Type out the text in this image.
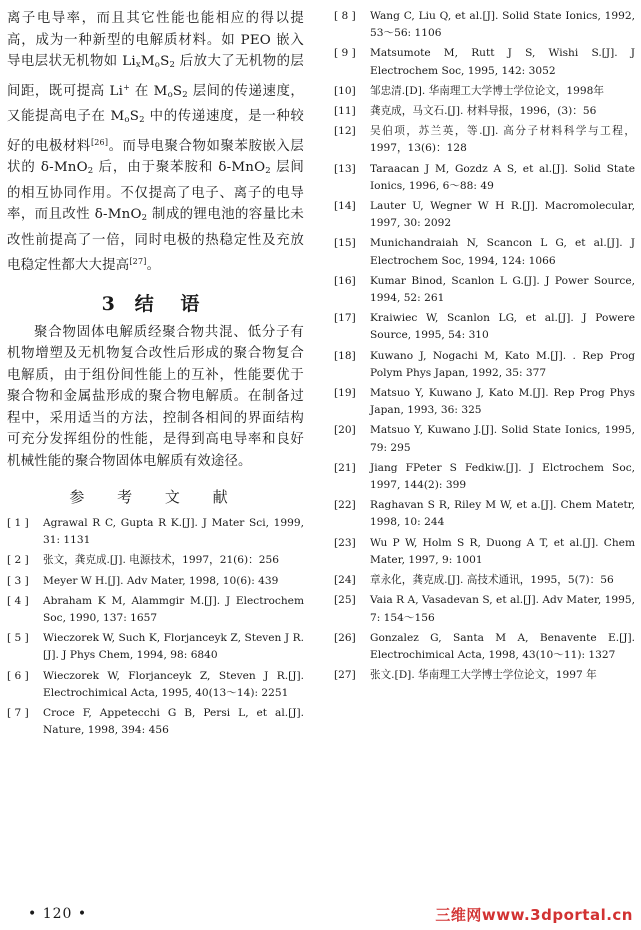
离子电导率，而且其它性能也能相应的得以提高，成为一种新型的电解质材料。如 PEO 嵌入导电层状无机物如 $Li_xM_oS_2$ 后放大了无机物的层间距，既可提高 Li+ 在 $M_oS_2$ 层间的传递速度，又能提高电子在 $M_oS_2$ 中的传递速度，是一种较好的电极材料[26]。而导电聚合物如聚苯胺嵌入层状的 δ-MnO$_2$ 后，由于聚苯胺和 δ-MnO$_2$ 层间的相互协同作用。不仅提高了电子、离子的电导率，而且改性 δ-MnO$_2$ 制成的锂电池的容量比未改性前提高了一倍，同时电极的热稳定性及充放电稳定性都大大提高[27]。

3 结 语

聚合物固体电解质经聚合物共混、低分子有机物增塑及无机物复合改性后形成的聚合物复合电解质，由于组份间性能上的互补，性能要优于聚合物和金属盐形成的聚合物电解质。在制备过程中，采用适当的方法，控制各相间的界面结构可充分发挥组份的性能，是得到高电导率和良好机械性能的聚合物固体电解质有效途径。

参 考 文 献
[ 1 ]	Agrawal R C, Gupta R K.[J]. J Mater Sci, 1999, 31: 1131
[ 2 ]	张文，龚克成.[J]. 电源技术，1997，21(6)：256
[ 3 ]	Meyer W H.[J]. Adv Mater, 1998, 10(6): 439
[ 4 ]	Abraham K M, Alammgir M.[J]. J Electrochem Soc, 1990, 137: 1657
[ 5 ]	Wieczorek W, Such K, Florjanceyk Z, Steven J R.[J]. J Phys Chem, 1994, 98: 6840
[ 6 ]	Wieczorek W, Florjanceyk Z, Steven J R.[J]. Electrochimical Acta, 1995, 40(13～14): 2251
[ 7 ]	Croce F, Appetecchi G B, Persi L, et al.[J]. Nature, 1998, 394: 456
[ 8 ]	Wang C, Liu Q, et al.[J]. Solid State Ionics, 1992, 53～56: 1106
[ 9 ]	Matsumote M, Rutt J S, Wishi S.[J]. J Electrochem Soc, 1995, 142: 3052
[10]	邹忠清.[D]. 华南理工大学博士学位论文，1998年
[11]	龚克成，马文石.[J]. 材料导报，1996，(3)：56
[12]	吴伯项，苏兰英，等.[J]. 高分子材料科学与工程，1997，13(6)：128
[13]	Taraacan J M, Gozdz A S, et al.[J]. Solid State Ionics, 1996, 6～88: 49
[14]	Lauter U, Wegner W H R.[J]. Macromolecular, 1997, 30: 2092
[15]	Munichandraiah N, Scancon L G, et al.[J]. J Electrochem Soc, 1994, 124: 1066
[16]	Kumar Binod, Scanlon L G.[J]. J Power Source, 1994, 52: 261
[17]	Kraiwiec W, Scanlon LG, et al.[J]. J Powere Source, 1995, 54: 310
[18]	Kuwano J, Nogachi M, Kato M.[J]. . Rep Prog Polym Phys Japan, 1992, 35: 377
[19]	Matsuo Y, Kuwano J, Kato M.[J]. Rep Prog Phys Japan, 1993, 36: 325
[20]	Matsuo Y, Kuwano J.[J]. Solid State Ionics, 1995, 79: 295
[21]	Jiang FPeter S Fedkiw.[J]. J Elctrochem Soc, 1997, 144(2): 399
[22]	Raghavan S R, Riley M W, et a.[J]. Chem Matetr, 1998, 10: 244
[23]	Wu P W, Holm S R, Duong A T, et al.[J]. Chem Mater, 1997, 9: 1001
[24]	章永化，龚克成.[J]. 高技术通讯，1995，5(7)：56
[25]	Vaia R A, Vasadevan S, et al.[J]. Adv Mater, 1995, 7: 154～156
[26]	Gonzalez G, Santa M A, Benavente E.[J]. Electrochimical Acta, 1998, 43(10～11): 1327
[27]	张文.[D]. 华南理工大学博士学位论文，1997 年
• 120 •	三维网www.3dportal.cn
